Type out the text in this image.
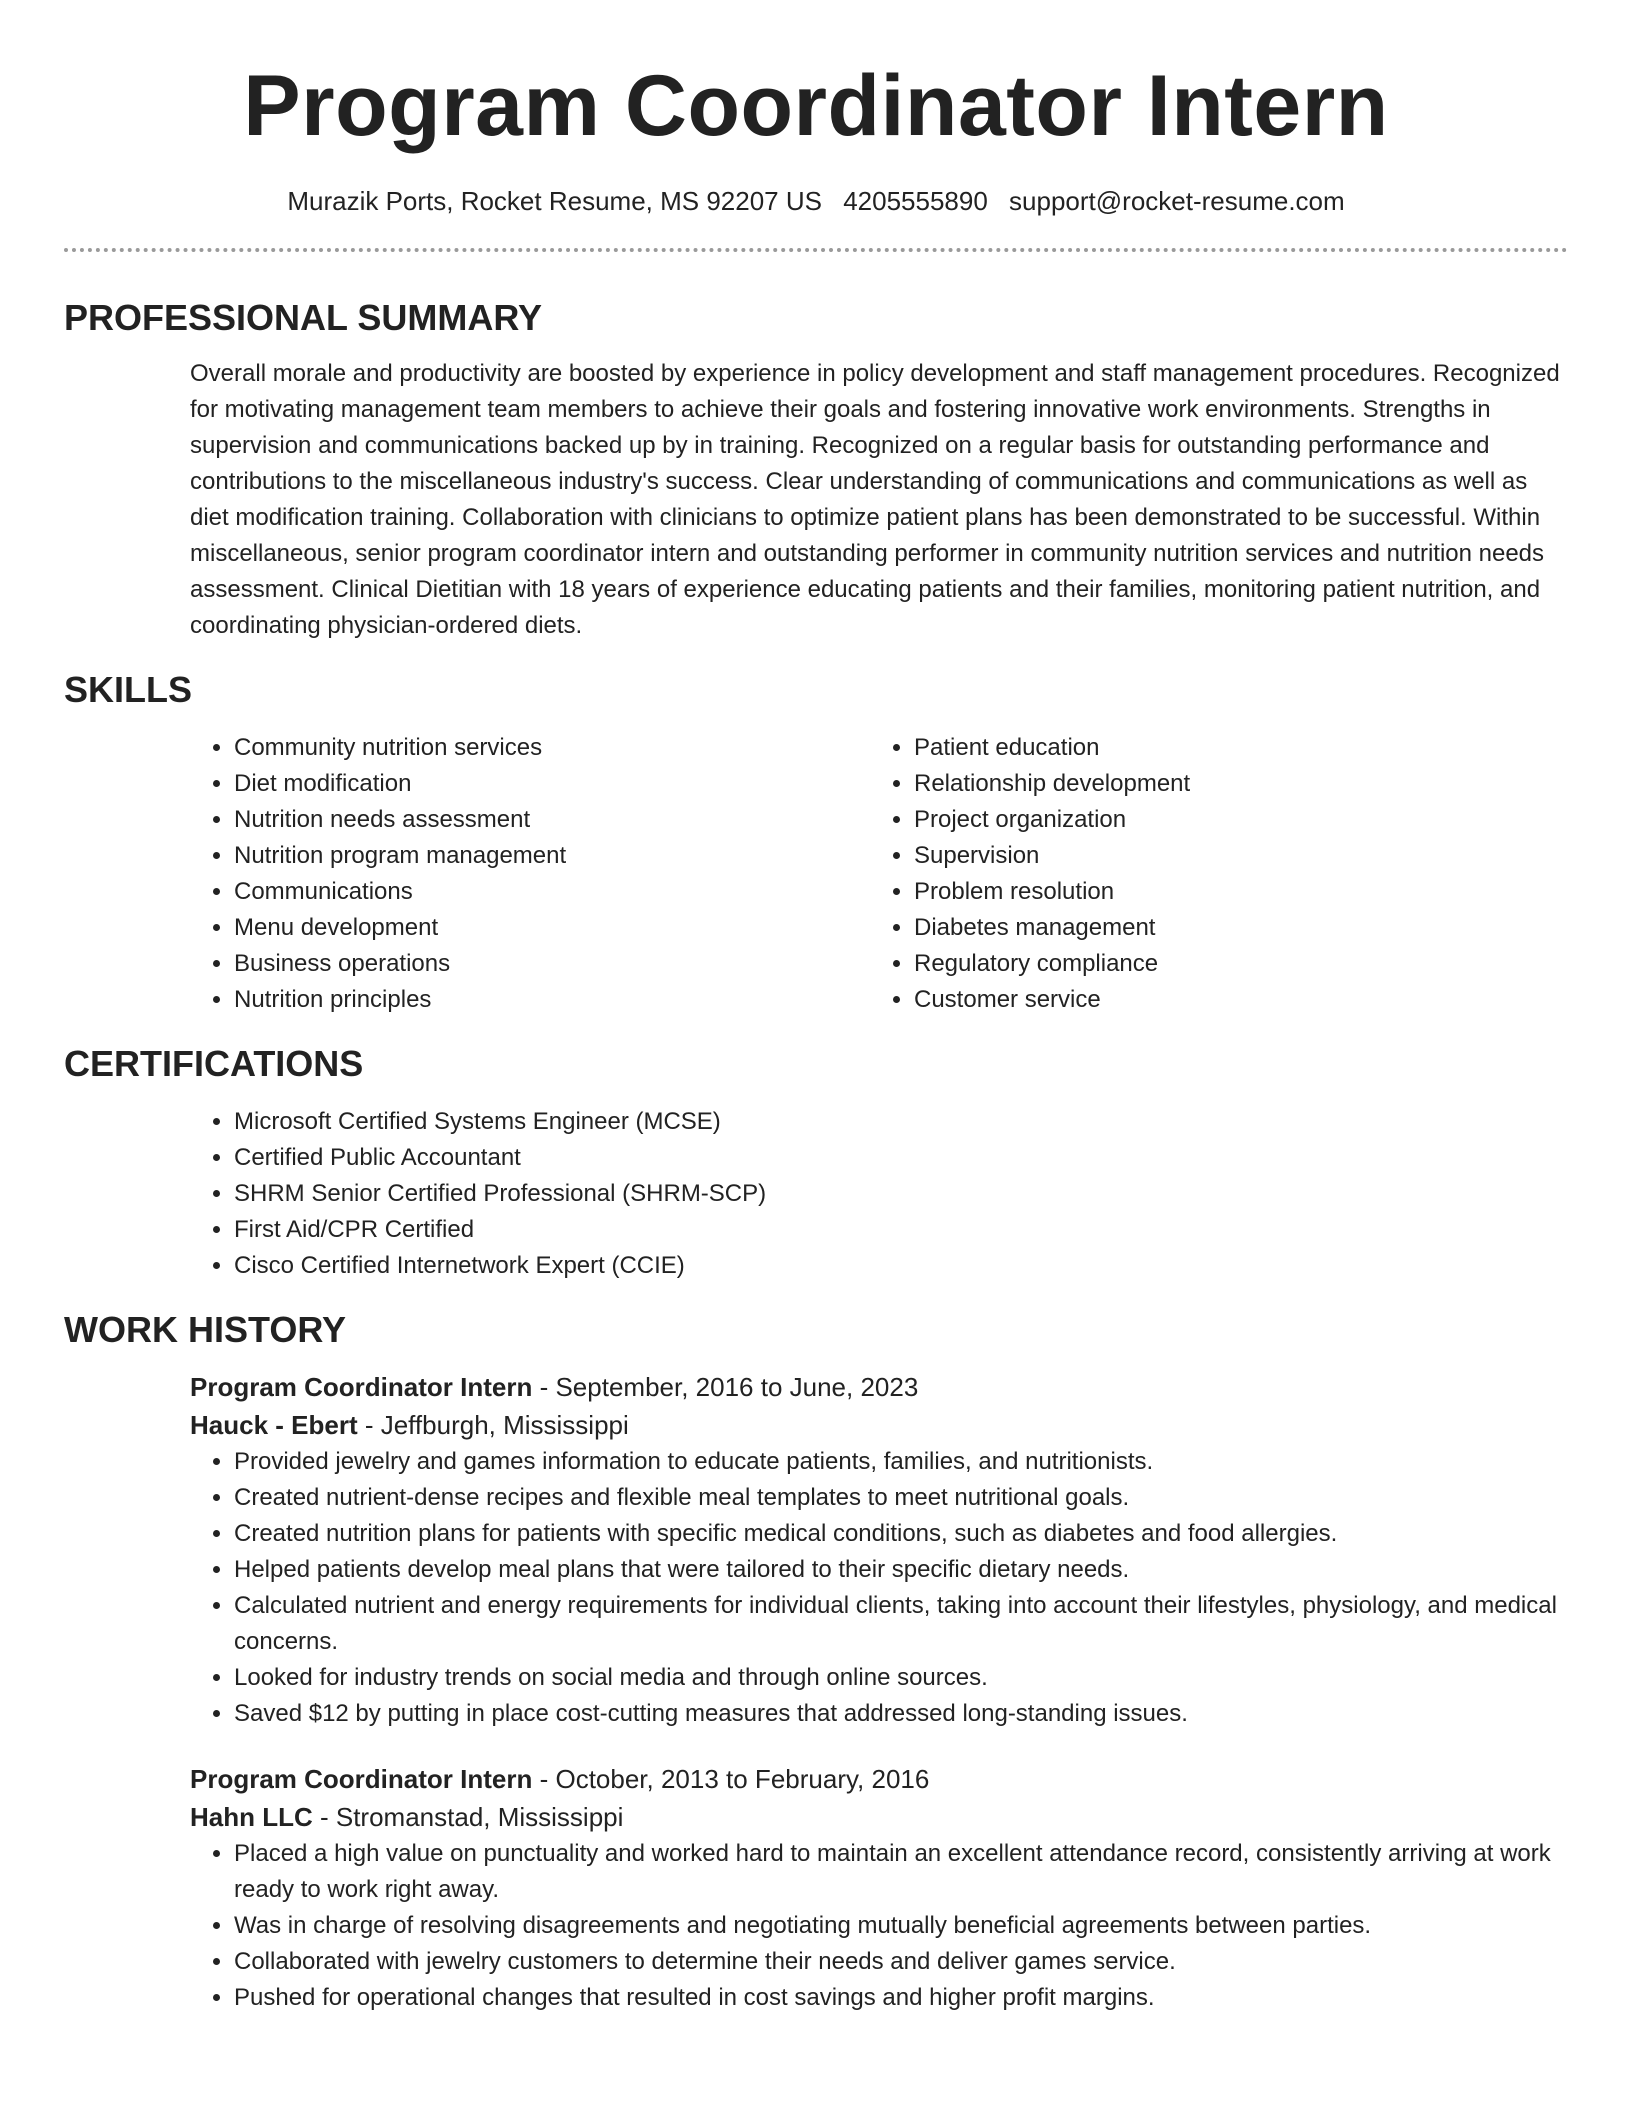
Program Coordinator Intern
Murazik Ports, Rocket Resume, MS 92207 US 4205555890 support@rocket-resume.com
PROFESSIONAL SUMMARY

Overall morale and productivity are boosted by experience in policy development and staff management procedures. Recognized for motivating management team members to achieve their goals and fostering innovative work environments. Strengths in supervision and communications backed up by in training. Recognized on a regular basis for outstanding performance and contributions to the miscellaneous industry's success. Clear understanding of communications and communications as well as diet modification training. Collaboration with clinicians to optimize patient plans has been demonstrated to be successful. Within miscellaneous, senior program coordinator intern and outstanding performer in community nutrition services and nutrition needs assessment. Clinical Dietitian with 18 years of experience educating patients and their families, monitoring patient nutrition, and coordinating physician-ordered diets.

SKILLS
• Community nutrition services
• Diet modification
• Nutrition needs assessment
• Nutrition program management
• Communications
• Menu development
• Business operations
• Nutrition principles
• Patient education
• Relationship development
• Project organization
• Supervision
• Problem resolution
• Diabetes management
• Regulatory compliance
• Customer service
CERTIFICATIONS
• Microsoft Certified Systems Engineer (MCSE)
• Certified Public Accountant
• SHRM Senior Certified Professional (SHRM-SCP)
• First Aid/CPR Certified
• Cisco Certified Internetwork Expert (CCIE)
WORK HISTORY

Program Coordinator Intern - September, 2016 to June, 2023

Hauck - Ebert - Jeffburgh, Mississippi

• Provided jewelry and games information to educate patients, families, and nutritionists.
• Created nutrient-dense recipes and flexible meal templates to meet nutritional goals.
• Created nutrition plans for patients with specific medical conditions, such as diabetes and food allergies.
• Helped patients develop meal plans that were tailored to their specific dietary needs.
• Calculated nutrient and energy requirements for individual clients, taking into account their lifestyles, physiology, and medical concerns.
• Looked for industry trends on social media and through online sources.
• Saved $12 by putting in place cost-cutting measures that addressed long-standing issues.

Program Coordinator Intern - October, 2013 to February, 2016

Hahn LLC - Stromanstad, Mississippi

• Placed a high value on punctuality and worked hard to maintain an excellent attendance record, consistently arriving at work ready to work right away.
• Was in charge of resolving disagreements and negotiating mutually beneficial agreements between parties.
• Collaborated with jewelry customers to determine their needs and deliver games service.
• Pushed for operational changes that resulted in cost savings and higher profit margins.
